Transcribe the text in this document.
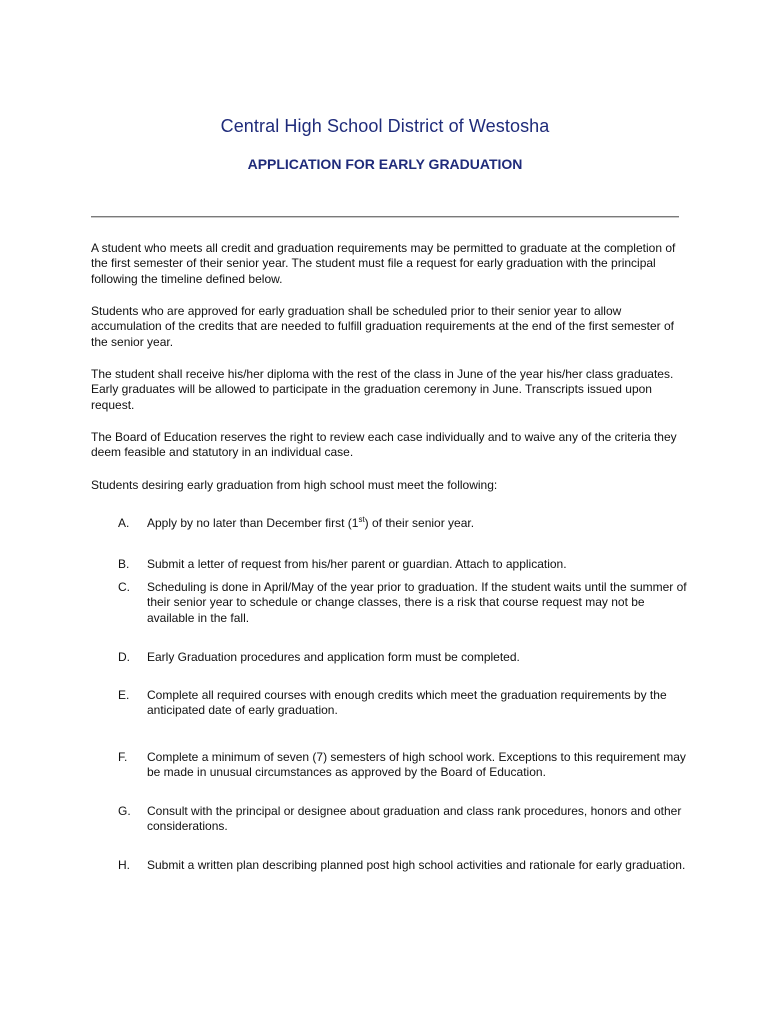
Central High School District of Westosha
APPLICATION FOR EARLY GRADUATION

A student who meets all credit and graduation requirements may be permitted to graduate at the completion of the first semester of their senior year. The student must file a request for early graduation with the principal following the timeline defined below.

Students who are approved for early graduation shall be scheduled prior to their senior year to allow accumulation of the credits that are needed to fulfill graduation requirements at the end of the first semester of the senior year.

The student shall receive his/her diploma with the rest of the class in June of the year his/her class graduates. Early graduates will be allowed to participate in the graduation ceremony in June. Transcripts issued upon request.

The Board of Education reserves the right to review each case individually and to waive any of the criteria they deem feasible and statutory in an individual case.

Students desiring early graduation from high school must meet the following:

A.	Apply by no later than December first (1st) of their senior year.
B.	Submit a letter of request from his/her parent or guardian. Attach to application.
C.	Scheduling is done in April/May of the year prior to graduation. If the student waits until the summer of their senior year to schedule or change classes, there is a risk that course request may not be available in the fall.
D.	Early Graduation procedures and application form must be completed.
E.	Complete all required courses with enough credits which meet the graduation requirements by the anticipated date of early graduation.
F.	Complete a minimum of seven (7) semesters of high school work. Exceptions to this requirement may be made in unusual circumstances as approved by the Board of Education.
G.	Consult with the principal or designee about graduation and class rank procedures, honors and other considerations.
H.	Submit a written plan describing planned post high school activities and rationale for early graduation.
